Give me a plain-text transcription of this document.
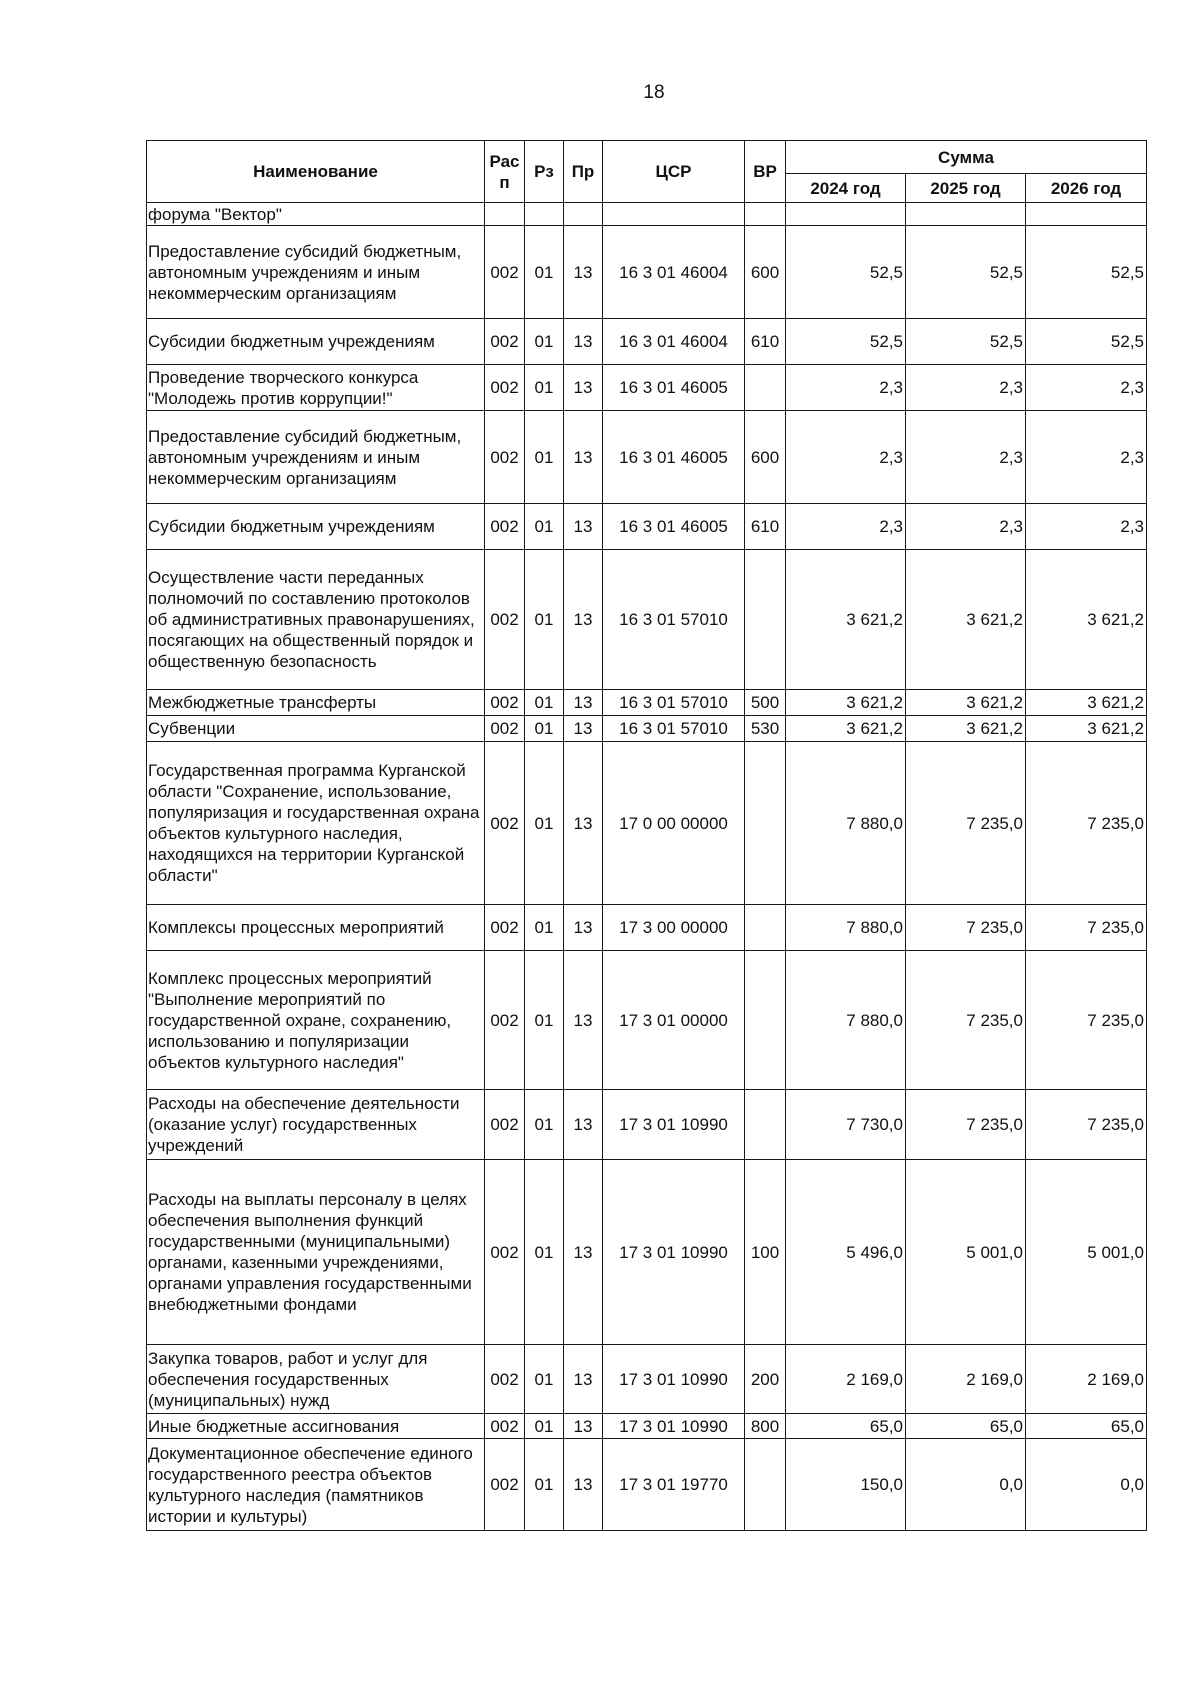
18
Наименование	Рас п	Рз	Пр	ЦСР	ВР	Сумма		
						2024 год	2025 год	2026 год
форума "Вектор"								
Предоставление субсидий бюджетным, автономным учреждениям и иным некоммерческим организациям	002	01	13	16 3 01 46004	600	52,5	52,5	52,5
Субсидии бюджетным учреждениям	002	01	13	16 3 01 46004	610	52,5	52,5	52,5
Проведение творческого конкурса "Молодежь против коррупции!"	002	01	13	16 3 01 46005		2,3	2,3	2,3
Предоставление субсидий бюджетным, автономным учреждениям и иным некоммерческим организациям	002	01	13	16 3 01 46005	600	2,3	2,3	2,3
Субсидии бюджетным учреждениям	002	01	13	16 3 01 46005	610	2,3	2,3	2,3
Осуществление части переданных полномочий по составлению протоколов об административных правонарушениях, посягающих на общественный порядок и общественную безопасность	002	01	13	16 3 01 57010		3 621,2	3 621,2	3 621,2
Межбюджетные трансферты	002	01	13	16 3 01 57010	500	3 621,2	3 621,2	3 621,2
Субвенции	002	01	13	16 3 01 57010	530	3 621,2	3 621,2	3 621,2
Государственная программа Курганской области "Сохранение, использование, популяризация и государственная охрана объектов культурного наследия, находящихся на территории Курганской области"	002	01	13	17 0 00 00000		7 880,0	7 235,0	7 235,0
Комплексы процессных мероприятий	002	01	13	17 3 00 00000		7 880,0	7 235,0	7 235,0
Комплекс процессных мероприятий "Выполнение мероприятий по государственной охране, сохранению, использованию и популяризации объектов культурного наследия"	002	01	13	17 3 01 00000		7 880,0	7 235,0	7 235,0
Расходы на обеспечение деятельности (оказание услуг) государственных учреждений	002	01	13	17 3 01 10990		7 730,0	7 235,0	7 235,0
Расходы на выплаты персоналу в целях обеспечения выполнения функций государственными (муниципальными) органами, казенными учреждениями, органами управления государственными внебюджетными фондами	002	01	13	17 3 01 10990	100	5 496,0	5 001,0	5 001,0
Закупка товаров, работ и услуг для обеспечения государственных (муниципальных) нужд	002	01	13	17 3 01 10990	200	2 169,0	2 169,0	2 169,0
Иные бюджетные ассигнования	002	01	13	17 3 01 10990	800	65,0	65,0	65,0
Документационное обеспечение единого государственного реестра объектов культурного наследия (памятников истории и культуры)	002	01	13	17 3 01 19770		150,0	0,0	0,0
